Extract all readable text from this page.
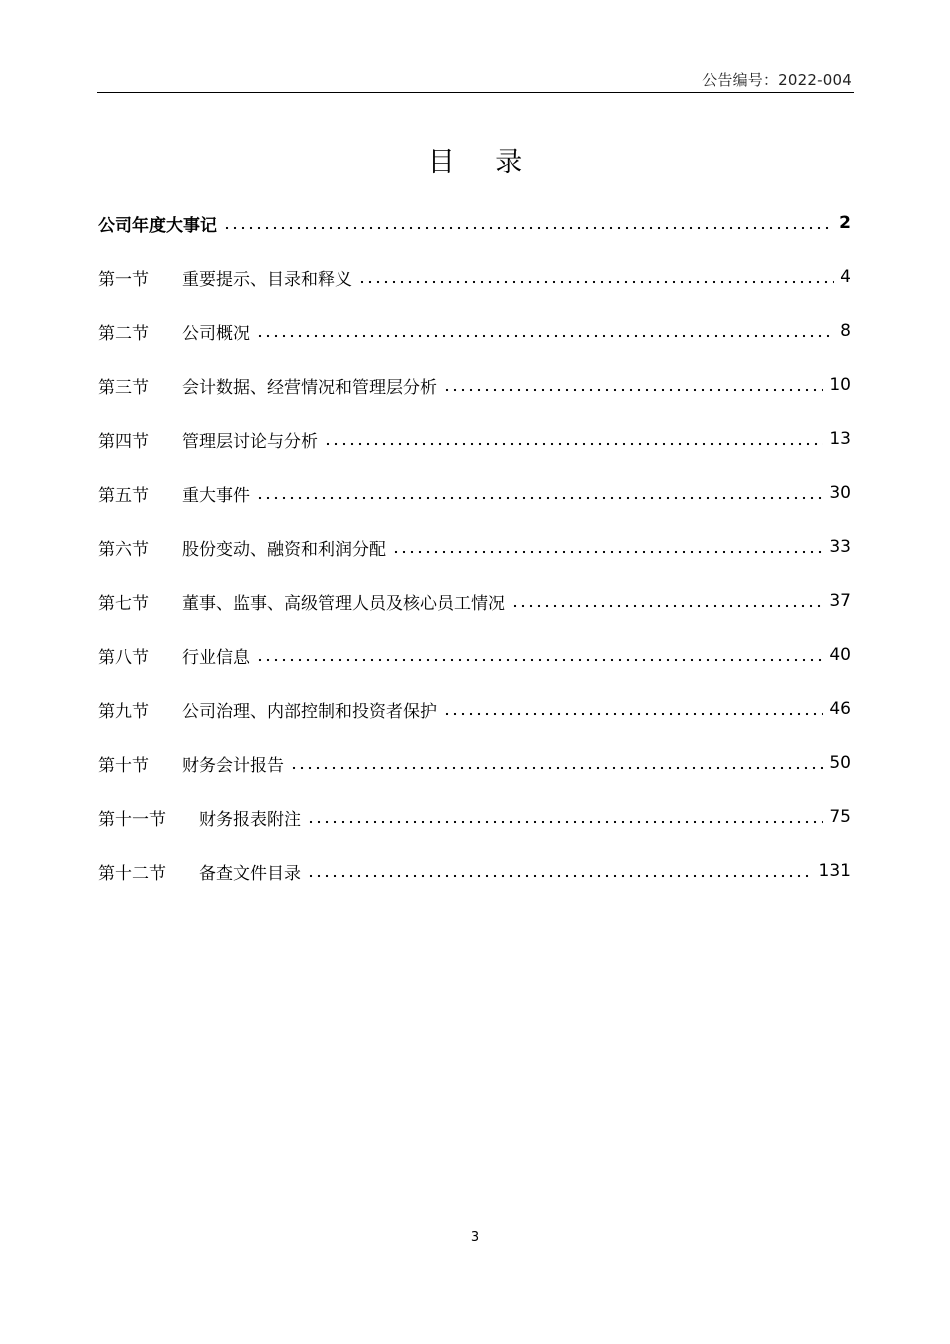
公告编号：2022-004
目 录
公司年度大事记	2
第一节	重要提示、目录和释义	4
第二节	公司概况	8
第三节	会计数据、经营情况和管理层分析	10
第四节	管理层讨论与分析	13
第五节	重大事件	30
第六节	股份变动、融资和利润分配	33
第七节	董事、监事、高级管理人员及核心员工情况	37
第八节	行业信息	40
第九节	公司治理、内部控制和投资者保护	46
第十节	财务会计报告	50
第十一节	财务报表附注	75
第十二节	备查文件目录	131
3
